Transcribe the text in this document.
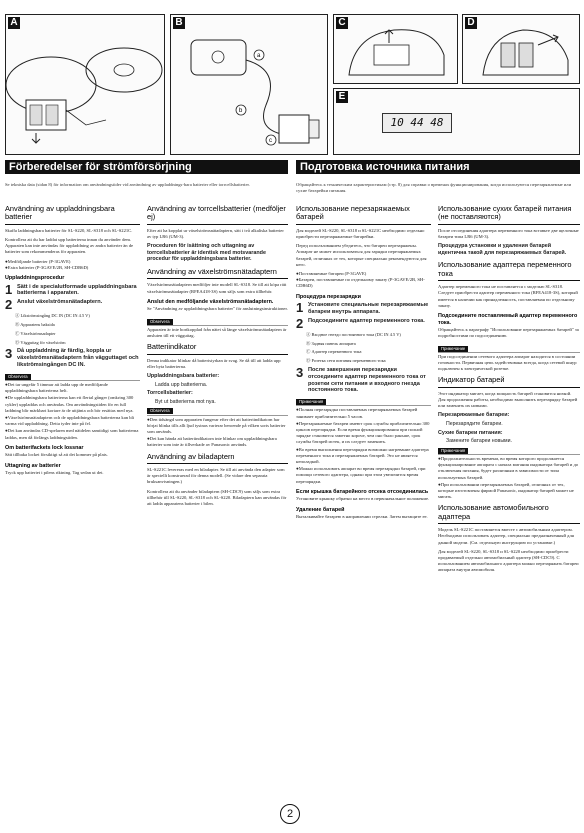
A	B
a
b
c
C	D
E
10 44 48
Förberedelser för strömförsörjning	Подготовка источника питания
Se tekniska data (sidan 8) för information om användningstider vid användning av uppladdnings-bara batterier eller torrcellsbatterier.	Обращайтесь к техническим характеристикам (стр. 8) для справки о временах функционирования, когда используются перезаряжаемые или сухие батарейки питания.
Användning av uppladdningsbara batterier

Skaffa laddningsbara batterier för SL-S220, SL-S318 och SL-S221C.

Kontrollera att du har laddat upp batterierna innan du använder dem. Apparaten kan inte användas för uppladdning av andra batterier än de batterier som rekommenderas för apparaten.

●Medföljande batterier (P-3GAVE)
●Extra batterier (P-3GAVE/2B, SH-CDB6D)
Uppladdningsprocedur
1 Sätt i de specialutformade uppladdningsbara batterierna i apparaten.
2 Anslut växelströmsnätadaptern.

Ⓐ Likströmsingång DC IN (DC IN 4.5 V)

Ⓑ Apparatens baksida

Ⓒ Växelströmsadapter

Ⓓ Vägguttag för växelström

3 Då uppladdning är färdig, koppla ur växelströmsnätadaptern från vägguttaget och likströmsingången DC IN.
Observera
●Det tar ungefär 5 timmar att ladda upp de medföljande uppladdningsbara batterierna helt.
●De uppladdningsbara batterierna kan ett flertal gånger (omkring 300 cykler) uppladdas och användas. Om användningstiden för en full laddning blir märkbart kortare är de uttjänta och bör ersättas med nya.
●Växelströmsnätadaptern och de uppladdningsbara batterierna kan bli varma vid uppladdning. Detta tyder inte på fel.
●Det kan användas CD-spelaren med nätdelen samtidigt som batterierna laddas, men då förlängs laddningstiden.
Om batterifackets lock lossnar

Sätt tillbaka locket försiktigt så att det kommer på plats.

Uttagning av batterier

Tryck upp batteriet i pilens riktning. Tag sedan ut det.

Användning av torrcellsbatterier (medföljer ej)

Efter att ha kopplat ur växelströmsnätadaptern, sätt i två alkaliska batterier av typ LR6 (UM-3).

Proceduren för isättning och uttagning av torrcellsbatterier är identisk med motsvarande procedur för uppladdningsbara batterier.
Användning av växelströmsnätadaptern

Växelströmsnätadaptern medföljer inte modell SL-S318. Se till att köpa rätt växelströmsnätadapter (RFEA418-3S) som säljs som extra tillbehör.

Anslut den medföljande växelströmsnätadaptern.

Se "Användning av uppladdningsbara batterier" för anslutningsinstruktioner.

Observera
Apparaten är inte bortkopplad från nätet så länge växelströmsnätadaptern är ansluten till ett vägguttag.
Batteriindikator

Denna indikator blinkar då batteristyrkan är svag. Se då till att ladda upp eller byta batterierna.

Uppladdningsbara batterier:
Ladda upp batterierna.
Torrcellsbatterier:
Byt ut batterierna mot nya.
Observera
●Den tidsängd som apparaten fungerar efter det att batteriindikatorn har börjat blinka tills allt ljud tystnas varierar beroende på vilken sorts batterier som används.
●Det kan hända att batteriindikatorn inte blinkar om uppladdningsbara batterier som inte är tillverkade av Panasonic används.
Användning av biladaptern

SL-S221C levereras med en biladapter. Se till att använda den adapter som är speciellt konstruerad för denna modell. (Se vidare den separata bruksanvisningen.)

Kontrollera att du använder biladaptern (SH-CDC9) som säljs som extra tillbehör till SL-S220, SL-S318 och SL-S220. Biladaptern kan användas för att ladda apparatens batterier i bilen.

Использование перезаряжаемых батарей

Для моделей SL-S220, SL-S318 и SL-S221C необходимо отдельно приобрести перезаряжаемые батарейки.

Перед использованием убедитесь, что батареи перезаряжены. Аппарат не может использоваться для зарядки перезаряжаемых батарей, отличных от тех, которые специально рекомендуются для него.

●Поставляемые батареи (P-3GAVE)
●Батареи, поставляемые по отдельному заказу (P-3GAVE/2B, SH-CDB6D)
Процедура перезарядки
1 Установите специальные перезаряжаемые батареи внутрь аппарата.
2 Подсоедините адаптер переменного тока.

Ⓐ Входное гнездо постоянного тока (DC IN 4.5 V)

Ⓑ Задняя панель аппарата

Ⓒ Адаптер переменного тока

Ⓓ Розетка сети питания переменного тока

3 После завершения перезарядки отсоедините адаптер переменного тока от розетки сети питания и входного гнезда постоянного тока.
Примечания
●Полная перезарядка поставляемых перезаряжаемых батарей занимает приблизительно 5 часов.
●Перезаряжаемые батареи имеют срок службы приблизительно 300 циклов перезарядки. Если время функционирования при полной зарядке становится заметно короче, чем оно было раньше, срок службы батарей истек, и их следует заменить.
●Во время выполнения перезарядки возможно нагревание адаптера переменного тока и перезаряжаемых батарей. Это не является неполадкой.
●Можно использовать аппарат во время перезарядки батарей, при помощи сетевого адаптера, однако при этом увеличится время перезарядки.
Если крышка батарейного отсека отсоединилась

Установите крышку обратно на место в первоначальное положение.

Удаление батарей

Выталкивайте батарею в направлении стрелки. Затем вытащите ее.

Использование сухих батарей питания (не поставляются)

После отсоединения адаптера переменного тока вставьте две щелочные батареи типа LR6 (UM-3).

Процедура установки и удаления батарей идентична такой для перезаряжаемых батарей.
Использование адаптера переменного тока

Адаптер переменного тока не поставляется с моделью SL-S318. Следует приобрести адаптер переменного тока (RFEA418-3S), который имеется в наличии как принадлежность, поставляемая по отдельному заказу.

Подсоедините поставляемый адаптер переменного тока.

Обращайтесь к параграфу "Использование перезаряжаемых батарей" за подробностями по подсоединению.

Примечание
При подсоединении сетевого адаптера аппарат находится в состоянии готовности. Первичная цепь задействована всегда, когда сетевой шнур подключен к электрической розетке.
Индикатор батарей

Этот индикатор мигает, когда мощность батарей становится низкой. Для продолжения работы, необходимо выполнить перезарядку батарей или заменить их новыми.

Перезаряжаемые батареи:
Перезарядите батареи.
Сухие батареи питания:
Замените батареи новыми.
Примечания
●Продолжительность времени, во время которого продолжается функционирование аппарата с начала мигания индикатора батарей и до отключения питания, будет различным в зависимости от типа используемых батарей.
●При использовании перезаряжаемых батарей, отличных от тех, которые изготовлены фирмой Panasonic, индикатор батарей может не мигать.
Использование автомобильного адаптера

Модель SL-S221C поставляется вместе с автомобильным адаптером. Необходимо использовать адаптер, специально предназначенный для данной модели. (См. отдельную инструкцию по установке.)

Для моделей SL-S220, SL-S318 и SL-S220 необходимо приобрести продаваемый отдельно автомобильный адаптер (SH-CDC9). С использованием автомобильного адаптера можно перезаряжать батареи аппарата внутри автомобиля.

2
